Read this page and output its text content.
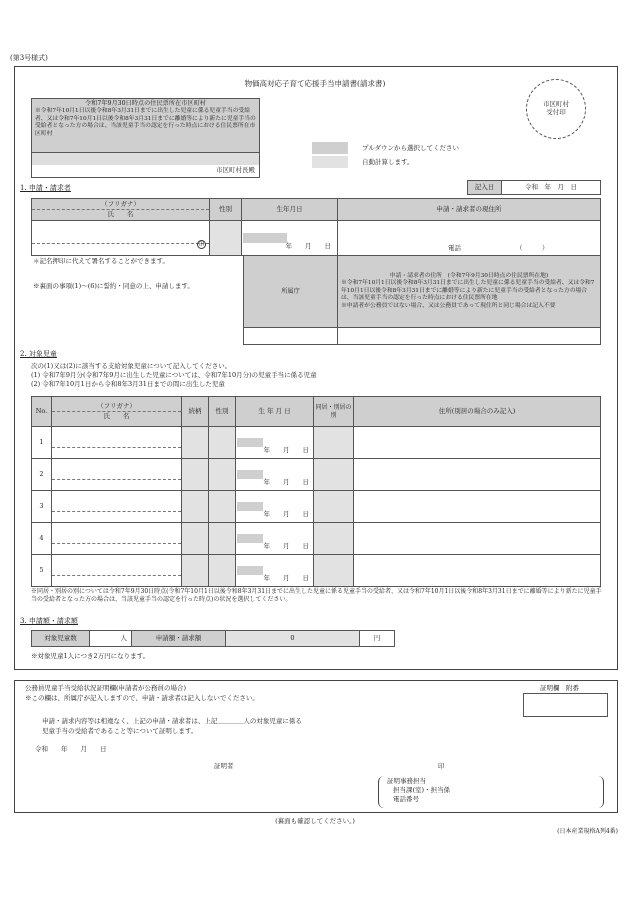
(第3号様式)
物価高対応子育て応援手当申請書(請求書)
市区町村
受付印
令和7年9月30日時点の住民票所在市区町村
※令和7年10月1日以後令和8年3月31日までに出生した児童に係る児童手当の受給者、又は令和7年10月1日以後令和8年3月31日までに離婚等により新たに児童手当の受給者となった方の場合は、当該児童手当の認定を行った時点における住民票所在市区町村
市区町村長殿
プルダウンから選択してください
自動計算します。
1. 申請・請求者	記入日	令和　年　月　日
（フリガナ）
氏　　名	性別	生年月日	申請・請求者の現住所

印		年　　月　　日	電話 （　　　）
＊記名押印に代えて署名することができます。
※裏面の事項(1)～(6)に誓約・同意の上、申請します。
所属庁	申請・請求者の住所　(令和7年9月30日時点の住民票所在地)
※令和7年10月1日以後令和8年3月31日までに出生した児童に係る児童手当の受給者、又は令和7年10月1日以後令和8年3月31日までに離婚等により新たに児童手当の受給者となった方の場合は、当該児童手当の認定を行った時点における住民票所在地
※申請者が公務員ではない場合、又は公務員であって現住所と同じ場合は記入不要

2. 対象児童
次の(1)又は(2)に該当する支給対象児童について記入してください。
(1) 令和7年9月分(令和7年9月に出生した児童については、令和7年10月分)の児童手当に係る児童
(2) 令和7年10月1日から令和8年3月31日までの間に出生した児童
No.	（フリガナ）
氏　　名	続柄	性別	生 年 月 日	同居・別居の別	住所(別居の場合のみ記入)
1				年　　月　　日		

2				年　　月　　日		

3				年　　月　　日		

4				年　　月　　日		

5				年　　月　　日		

※同居・別居の別については令和7年9月30日時点(令和7年10月1日以後令和8年3月31日までに出生した児童に係る児童手当の受給者、又は令和7年10月1日以後令和8年3月31日までに離婚等により新たに児童手当の受給者となった方の場合は、当該児童手当の認定を行った時点)の状況を選択してください。
3. 申請額・請求額
対象児童数	人	申請額・請求額	0	円
※対象児童1人につき2万円になります。
公務員児童手当受給状況証明欄(申請者が公務員の場合)
※この欄は、所属庁が記入しますので、申請・請求者は記入しないでください。
証明欄　附番
申請・請求内容等は相違なく、上記の申請・請求者は、上記＿＿＿＿人の対象児童に係る
児童手当の受給者であること等について証明します。
令和　　年　　月　　日
証明者	印
証明事務担当
担当課(室)・担当係
電話番号
(裏面も確認してください。)
(日本産業規格A列4番)
